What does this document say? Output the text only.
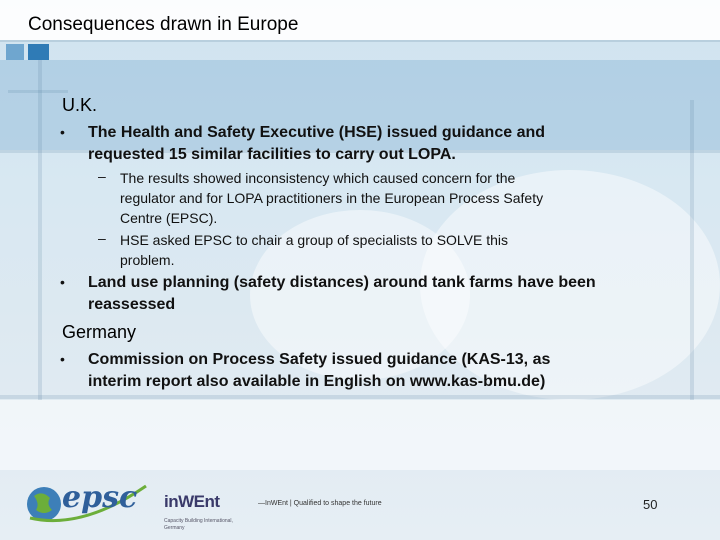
Consequences drawn in Europe
U.K.
•	The Health and Safety Executive (HSE) issued guidance and
requested 15 similar facilities to carry out LOPA.
–	The results showed inconsistency which caused concern for the
regulator and for LOPA practitioners in the European Process Safety
Centre (EPSC).
–	HSE asked EPSC to chair a group of specialists to SOLVE this
problem.
•	Land use planning (safety distances) around tank farms have been
reassessed
Germany
•	Commission on Process Safety issued guidance (KAS-13, as
interim report also available in English on www.kas-bmu.de)
epsc inWEnt
Capacity Building International, Germany
—InWEnt | Qualified to shape the future	50
